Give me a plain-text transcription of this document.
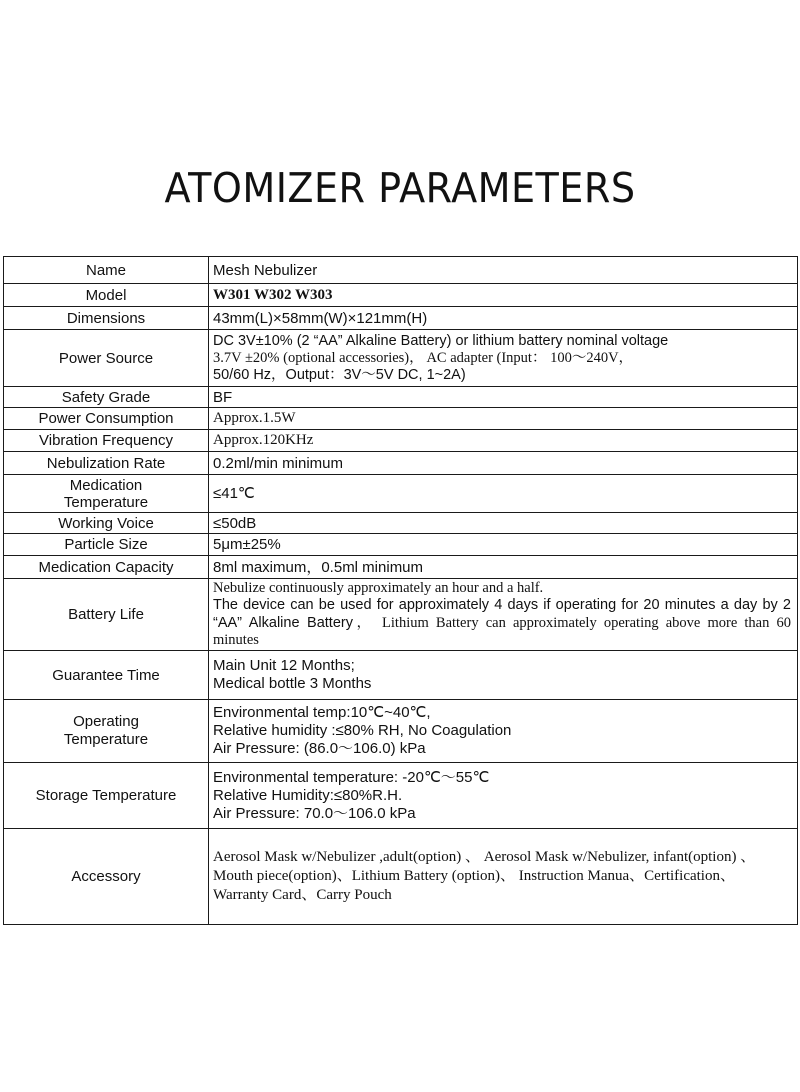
ATOMIZER PARAMETERS
Name	Mesh Nebulizer
Model	W301 W302 W303
Dimensions	43mm(L)×58mm(W)×121mm(H)
Power Source	DC 3V±10% (2 “AA” Alkaline Battery) or lithium battery nominal voltage
3.7V ±20% (optional accessories)， AC adapter (Input： 100～240V，
50/60 Hz，Output：3V～5V DC, 1~2A)

Safety Grade	BF
Power Consumption	Approx.1.5W
Vibration Frequency	Approx.120KHz
Nebulization Rate	0.2ml/min minimum

Medication
Temperature	≤41℃
Working Voice	≤50dB
Particle Size	5μm±25%
Medication Capacity	8ml maximum，0.5ml minimum
Battery Life	Nebulize continuously approximately an hour and a half.
The device can be used for approximately 4 days if operating for 20 minutes a day by 2 “AA” Alkaline Battery， Lithium Battery can approximately operating above more than 60 minutes

Guarantee Time	Main Unit 12 Months;
Medical bottle 3 Months

Operating
Temperature	Environmental temp:10℃~40℃,
Relative humidity :≤80% RH, No Coagulation
Air Pressure: (86.0～106.0) kPa

Storage Temperature	Environmental temperature: -20℃～55℃
Relative Humidity:≤80%R.H.
Air Pressure: 70.0～106.0 kPa

Accessory	Aerosol Mask w/Nebulizer ,adult(option) 、 Aerosol Mask w/Nebulizer, infant(option) 、 Mouth piece(option)、Lithium Battery (option)、 Instruction Manua、Certification、Warranty Card、Carry Pouch
